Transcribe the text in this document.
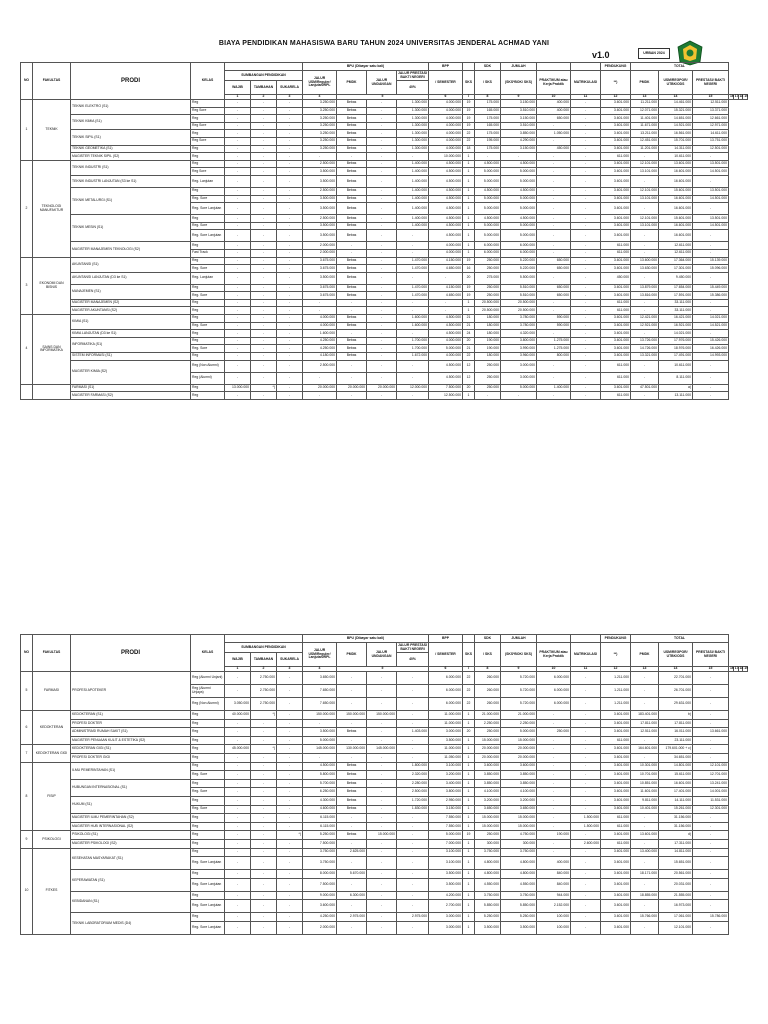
BIAYA PENDIDIKAN MAHASISWA BARU TAHUN 2024 UNIVERSITAS JENDERAL ACHMAD YANI
v1.0	URBAN 2024
NO	FAKULTAS	PRODI	KELAS				BPU (Dibayar satu kali)				BPP		SDK	JUMLAH			PENDUKUNG	TOTAL						
				SUMBANGAN PENDIDIKAN			JALUR USM/Reguler/ Lanjutan/RPL	PMDK	JALUR UNDANGAN	JALUR PRESTASI BAKTI NEGERI	/ SEMESTER	SKS	/ SKS	(SKS*BOK/ SKS)	PRAKTIKUM atau Kerja Praktik	MATRIKULASI	**)	PMDK	USM/REGPOR/ UTBK/ODS	PRESTASI/ BAKTI NEGERI				
				WAJIB	TAMBAHAN	SUKARELA				40%														
				1	2	3	4	5			6	7	8	9	10	11	12	13	14	15	16	17	18	19
1	TEKNIK	TEKNIK ELEKTRO (S1)	Reg	-	-	-	3.250.000	Bebas	-	1.300.000	4.000.000	19	175.000	3.150.000	400.000	-	3.601.000	11.211.000	14.461.000	12.511.000				
			Reg Sore	-	-	-	3.250.000	Bebas	-	1.300.000	4.000.000	19	165.000	3.510.000	400.000	-	3.601.000	12.071.000	15.321.000	13.371.000				
		TEKNIK KIMIA (S1)	Reg	-	-	-	3.250.000	Bebas	-	1.300.000	4.000.000	19	175.000	3.150.000	650.000	-	3.601.000	11.401.000	14.651.000	12.661.000				
			Reg Sore	-	-	-	3.250.000	Bebas	-	1.300.000	4.000.000	19	165.000	3.510.000	-	-	3.601.000	11.671.000	14.921.000	12.971.000				
		TEKNIK SIPIL (S1)	Reg	-	-	-	3.250.000	Bebas	-	1.300.000	4.000.000	22	175.000	3.850.000	1.050.000	-	3.601.000	13.211.000	16.561.000	14.611.000				
			Reg Sore	-	-	-	3.250.000	Bebas	-	1.300.000	4.000.000	22	195.000	4.290.000	-	-	3.601.000	12.451.000	15.701.000	13.751.000				
		TEKNIK GEOMETIKA (S1)	Reg	-	-	-	3.250.000	Bebas	-	1.300.000	4.000.000	18	175.000	3.150.000	450.000	-	3.601.000	11.201.000	14.311.000	12.501.000				
		MAGISTER TEKNIK SIPIL (S2)	Reg	-	-	-	-	-	-	-	10.000.000	1	-	-	-	-	611.000	-	10.611.000	-				
2	TEKNOLOGI MANUFAKTUR	TEKNIK INDUSTRI (S1)	Reg	-	-	-	2.500.000	Bebas	-	1.400.000	4.500.000	1	4.500.000	4.500.000	-	-	3.601.000	12.101.000	13.601.000	13.501.000				
			Reg Sore	-	-	-	3.500.000	Bebas	-	1.400.000	4.500.000	1	5.000.000	5.000.000	-	-	3.601.000	13.101.000	16.601.000	14.501.000				
		TEKNIK INDUSTRI LANJUTAN (S3 ke S1)	Reg. Lanjutan	-	-	-	3.500.000	Bebas	-	1.400.000	4.500.000	1	5.000.000	5.000.000	-	-	3.601.000	-	16.601.000	-				
		TEKNIK METALURGI (S1)	Reg	-	-	-	2.500.000	Bebas	-	1.400.000	4.500.000	1	4.500.000	4.500.000	-	-	3.601.000	12.101.000	15.601.000	13.501.000				
			Reg. Sore	-	-	-	3.500.000	Bebas	-	1.400.000	4.500.000	1	5.000.000	5.000.000	-	-	3.601.000	13.101.000	16.601.000	14.501.000				
			Reg. Sore Lanjutan	-	-	-	3.500.000	Bebas	-	1.400.000	4.500.000	1	5.000.000	5.000.000	-	-	3.601.000	-	16.601.000	-				
		TEKNIK MESIN (S1)	Reg	-	-	-	2.500.000	Bebas	-	1.400.000	4.500.000	1	4.500.000	4.500.000	-	-	3.601.000	12.101.000	15.601.000	13.501.000				
			Reg. Sore	-	-	-	3.500.000	Bebas	-	1.400.000	4.500.000	1	5.000.000	5.000.000	-	-	3.601.000	13.101.000	16.601.000	14.501.000				
			Reg. Sore Lanjutan	-	-	-	3.500.000	Bebas	-	-	4.500.000	1	5.000.000	5.000.000	-	-	3.601.000	-	16.601.000	-				
		MAGISTER MANAJEMEN TEKNOLOGI (S2)	Reg	-	-	-	2.000.000	-	-	-	4.000.000	1	6.000.000	6.000.000	-	-	611.000	-	12.611.000	-				
			Fast Track	-	-	-	2.000.000	-	-	-	4.000.000	1	6.000.000	6.000.000	-	-	611.000	-	12.611.000	-				
3	EKONOMI DAN BISNIS	AKUNTANSI (S1)	Reg	-	-	-	3.675.000	Bebas	-	1.470.000	4.150.000	19	250.000	5.220.000	650.000	-	3.601.000	13.600.000	17.364.000	15.139.000				
			Reg. Sore	-	-	-	3.675.000	Bebas	-	1.470.000	4.650.000	16	250.000	5.220.000	650.000	-	3.601.000	13.630.000	17.301.000	15.096.000				
		AKUNTANSI LANJUTAN (D3 ke S1)	Reg. Lanjutan	-	-	-	3.500.000	Bebas	-	-	-	20	275.000	5.500.000	-	-	450.000	-	9.450.000	-				
		MANAJEMEN (S1)	Reg	-	-	-	3.675.000	Bebas	-	1.470.000	4.150.000	19	250.000	5.510.000	650.000	-	3.601.000	13.879.000	17.654.000	15.449.000				
			Reg. Sore	-	-	-	3.675.000	Bebas	-	1.470.000	4.650.000	19	250.000	5.510.000	650.000	-	3.601.000	13.816.000	17.591.000	15.386.000				
		MAGISTER MANAJEMEN (S2)	Reg	-	-	-	-	-	-	-	-	1	20.500.000	20.500.000	-	-	611.000	-	33.111.000	-				
		MAGISTER AKUNTANSI (S2)	Reg	-	-	-	-	-	-	-	-	1	20.500.000	20.500.000	-	-	611.000	-	33.111.000	-				
4	SAINS DAN INFORMATIKA	KIMIA (S1)	Reg	-	-	-	4.000.000	Bebas	-	1.600.000	4.500.000	21	180.000	3.780.000	590.000	-	3.601.000	12.421.000	16.421.000	14.021.000				
			Reg. Sore	-	-	-	4.000.000	Bebas	-	1.600.000	4.500.000	21	180.000	3.780.000	590.000	-	3.601.000	12.921.000	16.921.000	14.521.000				
		KIMIA LANJUTAN (D3 ke S1)	Reg	-	-	-	1.600.000	-	-	-	4.500.000	24	180.000	4.320.000	-	-	3.601.000	-	14.021.000	-				
		INFORMATIKA (S1)	Reg	-	-	-	4.250.000	Bebas	-	1.700.000	4.000.000	20	190.000	3.800.000	1.275.000	-	3.601.000	13.726.000	17.976.000	15.426.000				
			Reg. Sore	-	-	-	4.250.000	Bebas	-	1.700.000	5.000.000	21	190.000	3.990.000	1.275.000	-	3.601.000	14.726.000	18.976.000	16.426.000				
		SISTEM INFORMASI (S1)	Reg	-	-	-	4.180.000	Bebas	-	1.672.000	4.000.000	22	180.000	3.960.000	800.000	-	3.601.000	13.321.000	17.491.000	14.993.000				
		MAGISTER KIMIA (S2)	Reg (Non Alumni)	-	-	-	2.500.000	-	-	-	4.500.000	12	250.000	3.000.000	-	-	611.000	-	10.611.000	-				
			Reg (Alumni)	-	-	-	-	-	-	-	4.500.000	12	250.000	3.000.000	-	-	611.000	-	8.111.000	-				
		FARMASI (S1)	Reg	13.000.000	*)	-	20.000.000	20.000.000	20.000.000	12.000.000	7.500.000	20	250.000	5.000.000	1.400.000	-	3.601.000	47.501.000	a)	-				
		MAGISTER FARMASI (S2)	Reg	-	-	-	-	-	-	-	12.500.000	1	-	-	-	-	611.000	-	13.111.000	-				
NO	FAKULTAS	PRODI	KELAS				BPU (Dibayar satu kali)				BPP		SDK	JUMLAH			PENDUKUNG	TOTAL						
				SUMBANGAN PENDIDIKAN			JALUR USM/Reguler/ Lanjutan/RPL	PMDK	JALUR UNDANGAN	JALUR PRESTASI BAKTI NEGERI	/ SEMESTER	SKS	/ SKS	(SKS*BOK/ SKS)	PRAKTIKUM atau Kerja Praktik	MATRIKULASI	**)	PMDK	USM/REGPOR/ UTBK/ODS	PRESTASI/ BAKTI NEGERI				
				WAJIB	TAMBAHAN	SUKARELA				40%														
				1	2	3	4	5			6	7	8	9	10	11	12	13	14	15	16	17	18	19
5	FARMASI	PROFESI APOTEKER	Reg (Alumni Unjani)	-	2.750.000	-	3.650.000	-	-	-	6.000.000	22	260.000	5.720.000	6.000.000	-	1.211.000	-	22.701.000	-				
			Reg (Alumni Unjaya)	-	2.750.000	-	7.650.000	-	-	-	6.000.000	22	260.000	5.720.000	6.000.000	-	1.211.000	-	26.701.000	-				
			Reg (Non Alumni)	3.050.000	2.750.000	-	7.650.000	-	-	-	6.000.000	22	260.000	5.720.000	6.000.000	-	1.211.000	-	29.631.000	-				
6	KEDOKTERAN	KEDOKTERAN (S1)	Reg	40.000.000	*)	-	150.000.000	150.000.000	150.000.000	-	11.000.000	1	21.000.000	21.000.000	-	-	3.601.000	183.401.000	b)	-				
		PROFESI DOKTER	Reg	-	-	-	-	-	-	-	11.000.000	1	2.250.000	2.250.000	-	-	3.601.000	17.811.000	17.811.000	-				
		ADMINISTRASI RUMAH SAKIT (S1)	Reg	-	-	-	3.500.000	Bebas	-	1.403.000	3.000.000	20	250.000	5.000.000	250.000	-	3.601.000	12.511.000	16.011.000	13.661.000				
		MAGISTER PENUAAN KULIT & ESTETIKA (S2)	Reg	-	-	-	5.000.000	-	-	-	3.500.000	1	15.000.000	15.000.000	-	-	611.000	-	23.111.000	-				
7	KEDOKTERAN GIGI	KEDOKTERAN GIGI (S1)	Reg	45.000.000	*)	-	145.000.000	130.000.000	145.000.000	-	11.000.000	1	20.000.000	20.000.000	-	-	3.601.000	164.601.000	179.601.000 + c)	-				
		PROFESI DOKTER GIGI	Reg	-	-	-	-	-	-	-	11.050.000	1	20.000.000	20.000.000	-	-	3.601.000	-	34.651.000	-				
8	FISIP	ILMU PEMERINTAHAN (S1)	Reg	-	-	-	4.500.000	Bebas	-	1.800.000	3.100.000	1	3.600.000	3.600.000	-	-	3.601.000	10.301.000	14.801.000	12.101.000				
			Reg. Sore	-	-	-	5.800.000	Bebas	-	2.320.000	3.200.000	1	3.850.000	3.850.000	-	-	3.601.000	10.701.000	15.611.000	12.701.000				
		HUBUNGAN INTERNASIONAL (S1)	Reg	-	-	-	5.700.000	Bebas	-	2.280.000	3.400.000	1	3.850.000	3.850.000	-	-	3.601.000	10.851.000	16.601.000	13.241.000				
			Reg. Sore	-	-	-	6.250.000	Bebas	-	2.500.000	3.800.000	1	4.100.000	4.100.000	-	-	3.601.000	11.601.000	17.401.000	14.001.000				
		HUKUM (S1)	Reg	-	-	-	4.300.000	Bebas	-	1.720.000	2.950.000	1	3.200.000	3.200.000	-	-	3.601.000	9.811.000	14.111.000	11.531.000				
			Reg. Sore	-	-	-	4.600.000	Bebas	-	1.830.000	3.150.000	1	3.650.000	3.650.000	-	-	3.601.000	10.401.000	15.261.000	12.301.000				
		MAGISTER ILMU PEMERINTAHAN (S2)	Reg	-	-	-	6.115.000	-	-	-	7.550.000	1	15.000.000	15.000.000	-	1.500.000	611.000	-	31.156.000	-				
		MAGISTER HUB INTERNASIONAL (S2)	Reg	-	-	-	6.115.000	-	-	-	7.550.000	1	15.000.000	15.000.000	-	1.500.000	611.000	-	31.156.000	-				
9	PSIKOLOGI	PSIKOLOGI (S1)	Reg	-	-	*)	5.250.000	Bebas	15.000.000	-	5.000.000	19	250.000	4.750.000	190.000	-	3.601.000	13.601.000	d)	-				
		MAGISTER PSIKOLOGI (S2)	Reg	-	-	-	7.500.000	-	-	-	7.000.000	1	300.000	300.000	-	2.600.000	611.000	-	17.311.000	-				
10	FITKES	KESEHATAN MASYARAKAT (S1)	Reg	-	-	-	3.750.000	2.625.000	-	-	3.100.000	1	3.750.000	3.750.000	-	-	3.601.000	13.400.000	14.811.000	-				
			Reg. Sore Lanjutan	-	-	-	3.750.000	-	-	-	3.100.000	1	4.800.000	4.800.000	400.000	-	3.601.000	-	15.651.000	-				
		KEPERAWATAN (S1)	Reg	-	-	-	8.000.000	5.670.000	-	-	3.500.000	1	4.800.000	4.800.000	840.000	-	3.601.000	18.171.000	20.561.000	-				
			Reg. Sore Lanjutan	-	-	-	7.500.000	-	-	-	3.500.000	1	4.550.000	4.550.000	840.000	-	3.601.000	-	20.031.000	-				
		KEBIDANAN (S1)	Reg	-	-	-	9.000.000	6.300.000	-	-	4.200.000	1	3.750.000	3.750.000	944.000	-	3.601.000	18.855.000	21.555.000	-				
			Reg. Sore Lanjutan	-	-	-	3.600.000	-	-	-	2.700.000	1	5.850.000	5.850.000	2.152.000	-	3.601.000	-	16.973.000	-				
		TEKNIK LABORATORIUM MEDIS (D4)	Reg	-	-	-	4.250.000	2.975.000	-	2.975.000	3.000.000	1	5.250.000	5.250.000	100.000	-	3.601.000	15.766.000	17.061.000	15.786.000				
			Reg. Sore Lanjutan	-	-	-	2.000.000	-	-	-	3.000.000	1	3.500.000	3.500.000	100.000	-	3.601.000	-	12.101.000	-				
